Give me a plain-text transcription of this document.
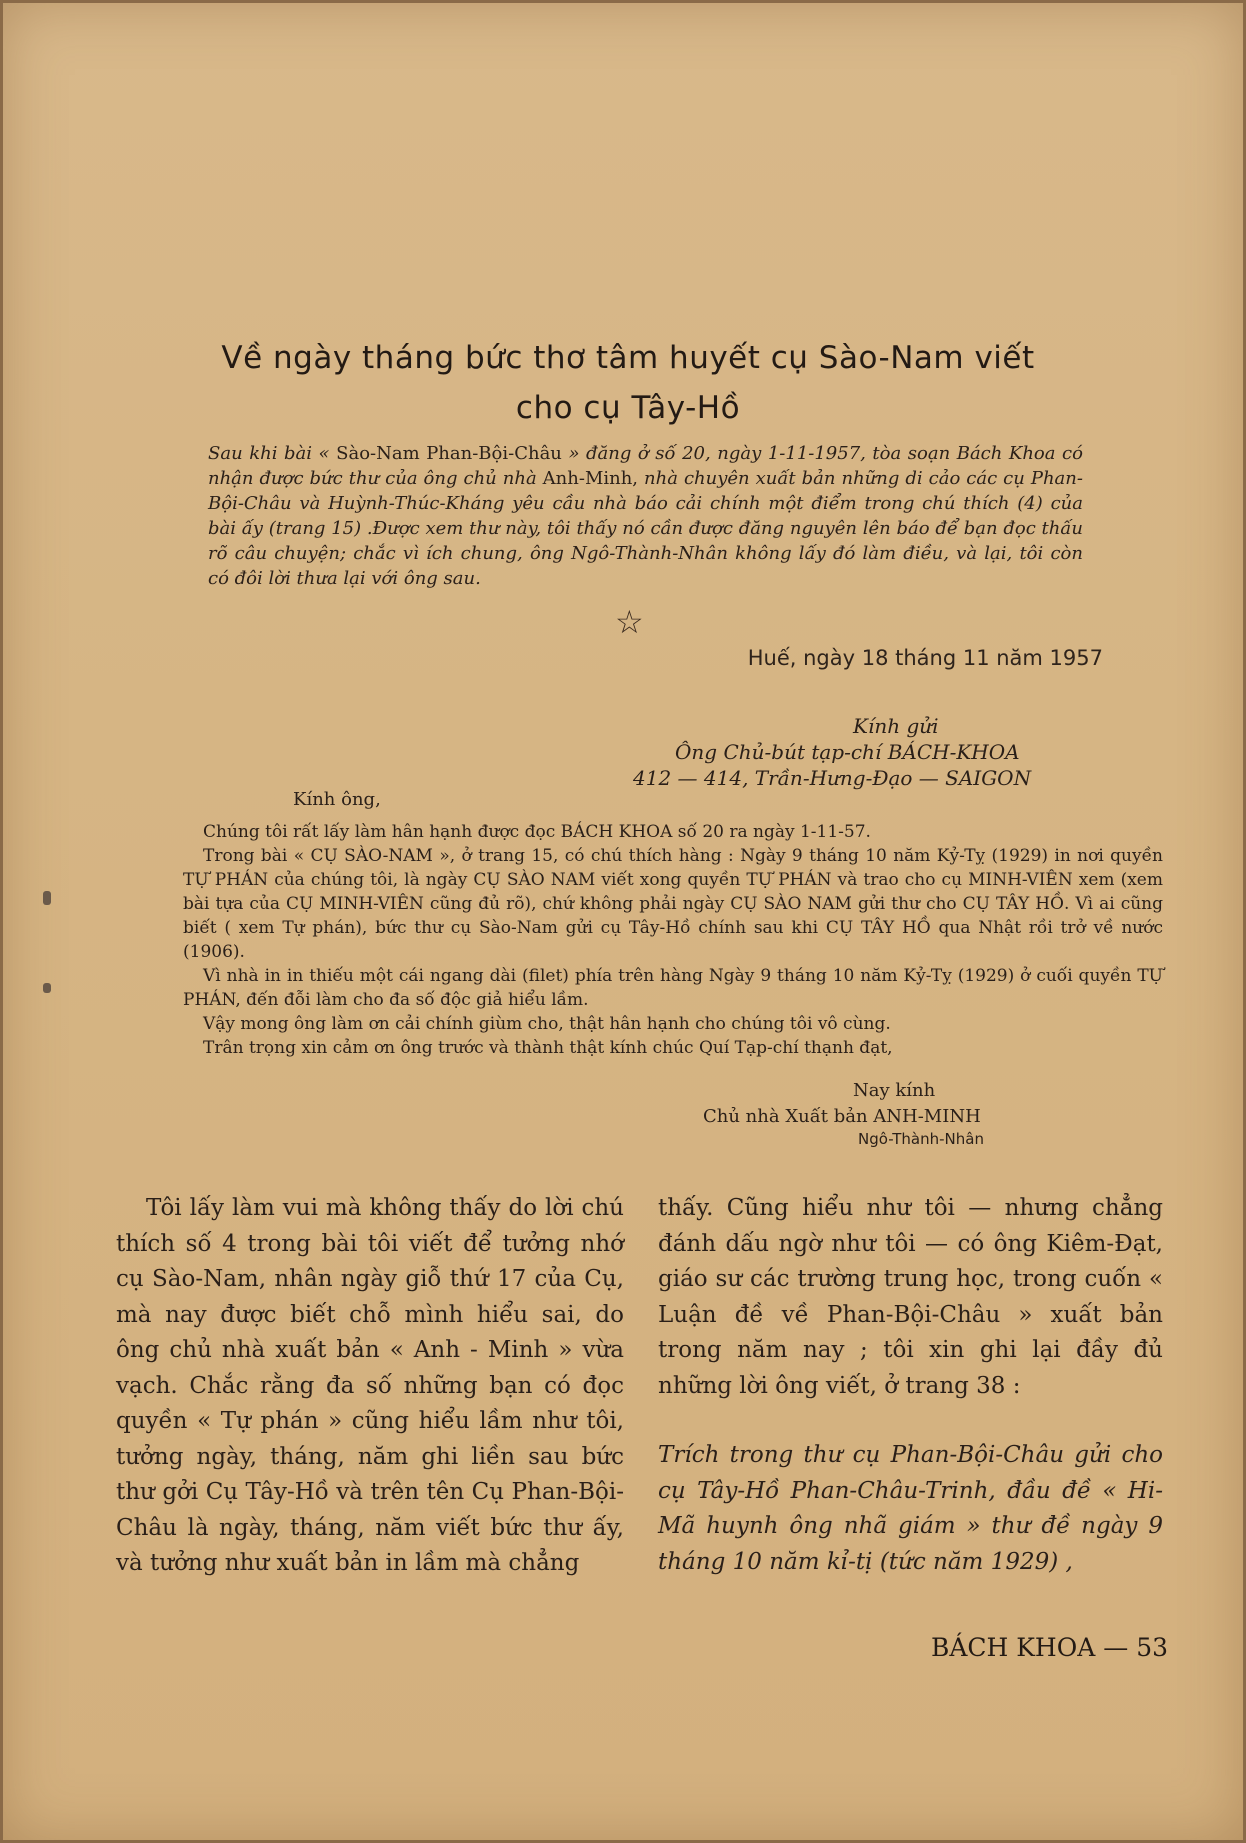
Về ngày tháng bức thơ tâm huyết cụ Sào-Nam viết
cho cụ Tây-Hồ
Sau khi bài « Sào-Nam Phan-Bội-Châu » đăng ở số 20, ngày 1-11-1957, tòa soạn Bách Khoa có nhận được bức thư của ông chủ nhà Anh-Minh, nhà chuyên xuất bản những di cảo các cụ Phan-Bội-Châu và Huỳnh-Thúc-Kháng yêu cầu nhà báo cải chính một điểm trong chú thích (4) của bài ấy (trang 15) .Được xem thư này, tôi thấy nó cần được đăng nguyên lên báo để bạn đọc thấu rõ câu chuyện; chắc vì ích chung, ông Ngô-Thành-Nhân không lấy đó làm điều, và lại, tôi còn có đôi lời thưa lại với ông sau.
☆
Huế, ngày 18 tháng 11 năm 1957
Kính gửi
Ông Chủ-bút tạp-chí BÁCH-KHOA
412 — 414, Trần-Hưng-Đạo — SAIGON

Kính ông,

Chúng tôi rất lấy làm hân hạnh được đọc BÁCH KHOA số 20 ra ngày 1-11-57.

Trong bài « CỤ SÀO-NAM », ở trang 15, có chú thích hàng : Ngày 9 tháng 10 năm Kỷ-Tỵ (1929) in nơi quyền TỰ PHÁN của chúng tôi, là ngày CỤ SÀO NAM viết xong quyền TỰ PHÁN và trao cho cụ MINH-VIÊN xem (xem bài tựa của CỤ MINH-VIÊN cũng đủ rõ), chứ không phải ngày CỤ SÀO NAM gửi thư cho CỤ TÂY HỒ. Vì ai cũng biết ( xem Tự phán), bức thư cụ Sào-Nam gửi cụ Tây-Hồ chính sau khi CỤ TÂY HỒ qua Nhật rồi trở về nước (1906).

Vì nhà in in thiếu một cái ngang dài (filet) phía trên hàng Ngày 9 tháng 10 năm Kỷ-Tỵ (1929) ở cuối quyền TỰ PHÁN, đến đỗi làm cho đa số độc giả hiểu lầm.

Vậy mong ông làm ơn cải chính giùm cho, thật hân hạnh cho chúng tôi vô cùng.

Trân trọng xin cảm ơn ông trước và thành thật kính chúc Quí Tạp-chí thạnh đạt,

Nay kính
Chủ nhà Xuất bản ANH-MINH
Ngô-Thành-Nhân

Tôi lấy làm vui mà không thấy do lời chú thích số 4 trong bài tôi viết để tưởng nhớ cụ Sào-Nam, nhân ngày giỗ thứ 17 của Cụ, mà nay được biết chỗ mình hiểu sai, do ông chủ nhà xuất bản « Anh - Minh » vừa vạch. Chắc rằng đa số những bạn có đọc quyền « Tự phán » cũng hiểu lầm như tôi, tưởng ngày, tháng, năm ghi liền sau bức thư gởi Cụ Tây-Hồ và trên tên Cụ Phan-Bội-Châu là ngày, tháng, năm viết bức thư ấy, và tưởng như xuất bản in lầm mà chẳng

thấy. Cũng hiểu như tôi — nhưng chẳng đánh dấu ngờ như tôi — có ông Kiêm-Đạt, giáo sư các trường trung học, trong cuốn « Luận đề về Phan-Bội-Châu » xuất bản trong năm nay ; tôi xin ghi lại đầy đủ những lời ông viết, ở trang 38 :

Trích trong thư cụ Phan-Bội-Châu gửi cho cụ Tây-Hồ Phan-Châu-Trinh, đầu đề « Hi-Mã huynh ông nhã giám » thư đề ngày 9 tháng 10 năm kỉ-tị (tức năm 1929) ,

BÁCH KHOA — 53
